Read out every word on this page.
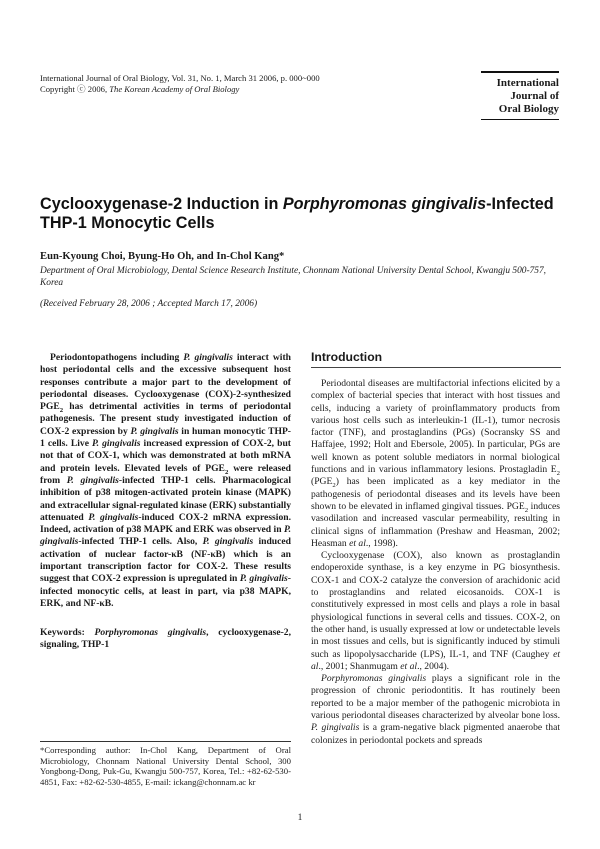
International Journal of Oral Biology, Vol. 31, No. 1, March 31 2006, p. 000~000
Copyright ⓒ 2006, The Korean Academy of Oral Biology	International
Journal of
Oral Biology
Cyclooxygenase-2 Induction in Porphyromonas gingivalis-Infected
THP-1 Monocytic Cells
Eun-Kyoung Choi, Byung-Ho Oh, and In-Chol Kang*
Department of Oral Microbiology, Dental Science Research Institute, Chonnam National University Dental School, Kwangju 500-757, Korea
(Received February 28, 2006 ; Accepted March 17, 2006)

Periodontopathogens including P. gingivalis interact with host periodontal cells and the excessive subsequent host responses contribute a major part to the development of periodontal diseases. Cyclooxygenase (COX)-2-synthesized $PGE_2$ has detrimental activities in terms of periodontal pathogenesis. The present study investigated induction of COX-2 expression by P. gingivalis in human monocytic THP-1 cells. Live P. gingivalis increased expression of COX-2, but not that of COX-1, which was demonstrated at both mRNA and protein levels. Elevated levels of $PGE_2$ were released from P. gingivalis-infected THP-1 cells. Pharmacological inhibition of p38 mitogen-activated protein kinase (MAPK) and extracellular signal-regulated kinase (ERK) substantially attenuated P. gingivalis-induced COX-2 mRNA expression. Indeed, activation of p38 MAPK and ERK was observed in P. gingivalis-infected THP-1 cells. Also, P. gingivalis induced activation of nuclear factor-κB (NF-κB) which is an important transcription factor for COX-2. These results suggest that COX-2 expression is upregulated in P. gingivalis-infected monocytic cells, at least in part, via p38 MAPK, ERK, and NF-κB.

Keywords: Porphyromonas gingivalis, cyclooxygenase-2, signaling, THP-1

*Corresponding author: In-Chol Kang, Department of Oral Microbiology, Chonnam National University Dental School, 300 Yongbong-Dong, Puk-Gu, Kwangju 500-757, Korea, Tel.: +82-62-530-4851, Fax: +82-62-530-4855, E-mail: ickang@chonnam.ac kr
Introduction

Periodontal diseases are multifactorial infections elicited by a complex of bacterial species that interact with host tissues and cells, inducing a variety of proinflammatory products from various host cells such as interleukin-1 (IL-1), tumor necrosis factor (TNF), and prostaglandins (PGs) (Socransky SS and Haffajee, 1992; Holt and Ebersole, 2005). In particular, PGs are well known as potent soluble mediators in normal biological functions and in various inflammatory lesions. Prostagladin $E_2$ $(PGE_2)$ has been implicated as a key mediator in the pathogenesis of periodontal diseases and its levels have been shown to be elevated in inflamed gingival tissues. $PGE_2$ induces vasodilation and increased vascular permeability, resulting in clinical signs of inflammation (Preshaw and Heasman, 2002; Heasman et al., 1998).

Cyclooxygenase (COX), also known as prostaglandin endoperoxide synthase, is a key enzyme in PG biosynthesis. COX-1 and COX-2 catalyze the conversion of arachidonic acid to prostaglandins and related eicosanoids. COX-1 is constitutively expressed in most cells and plays a role in basal physiological functions in several cells and tissues. COX-2, on the other hand, is usually expressed at low or undetectable levels in most tissues and cells, but is significantly induced by stimuli such as lipopolysaccharide (LPS), IL-1, and TNF (Caughey et al., 2001; Shanmugam et al., 2004).

Porphyromonas gingivalis plays a significant role in the progression of chronic periodontitis. It has routinely been reported to be a major member of the pathogenic microbiota in various periodontal diseases characterized by alveolar bone loss. P. gingivalis is a gram-negative black pigmented anaerobe that colonizes in periodontal pockets and spreads

1
